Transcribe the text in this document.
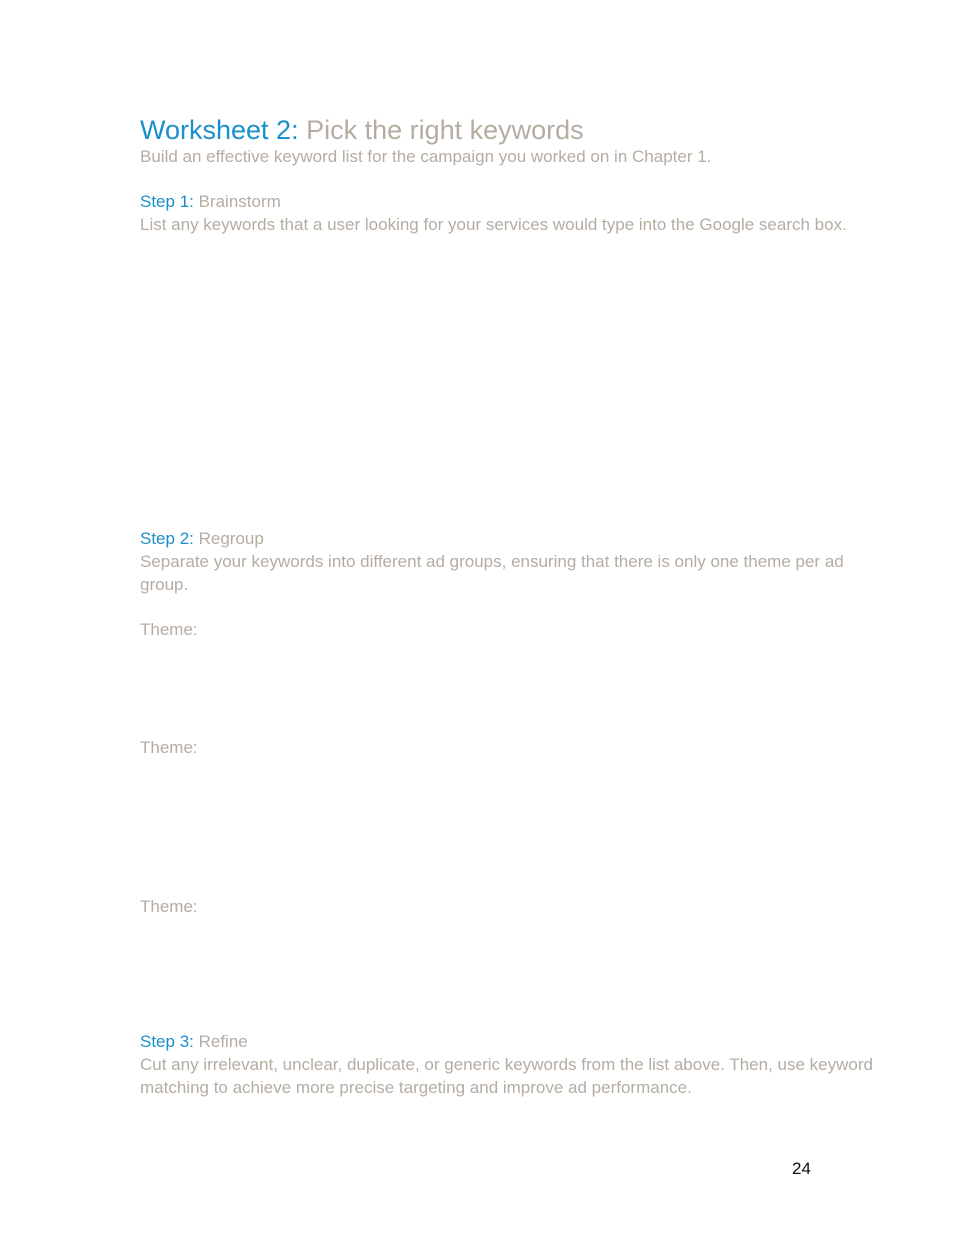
Worksheet 2: Pick the right keywords
Build an effective keyword list for the campaign you worked on in Chapter 1.
Step 1: Brainstorm
List any keywords that a user looking for your services would type into the Google search box.
Step 2: Regroup
Separate your keywords into different ad groups, ensuring that there is only one theme per ad group.
Theme:
Theme:
Theme:
Step 3: Refine
Cut any irrelevant, unclear, duplicate, or generic keywords from the list above. Then, use keyword matching to achieve more precise targeting and improve ad performance.
24
